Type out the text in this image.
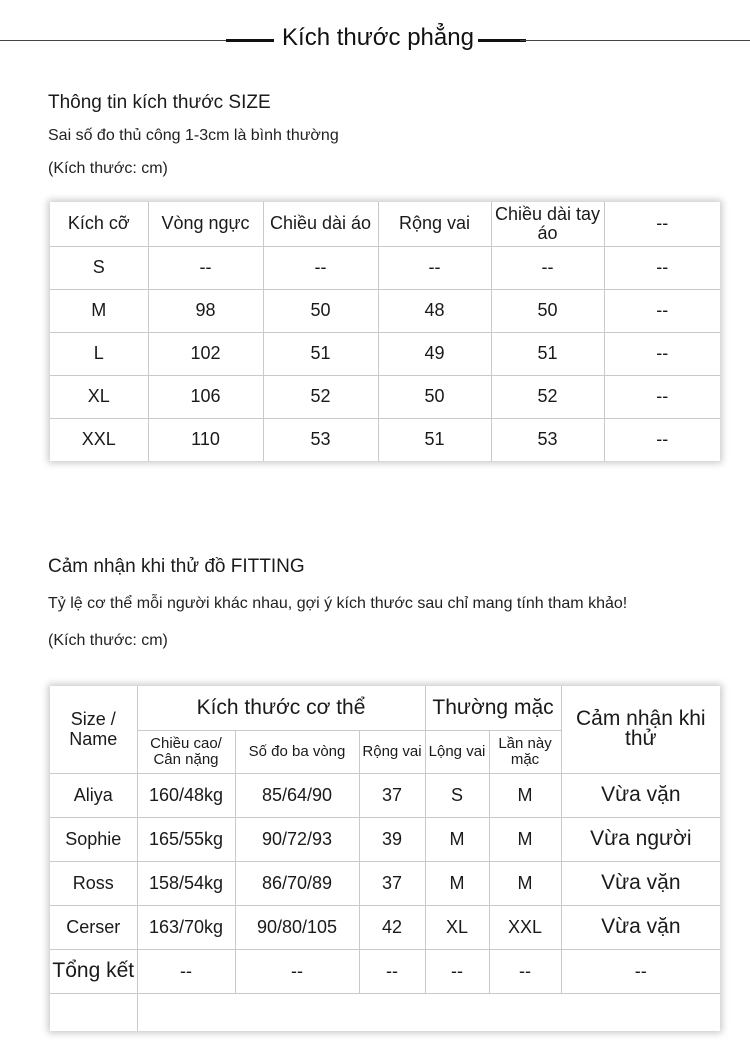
Kích thước phẳng
Thông tin kích thước SIZE
Sai số đo thủ công 1-3cm là bình thường
(Kích thước: cm)
Kích cỡ	Vòng ngực	Chiều dài áo	Rộng vai	Chiều dài tay áo	--
S	--	--	--	--	--
M	98	50	48	50	--
L	102	51	49	51	--
XL	106	52	50	52	--
XXL	110	53	51	53	--
Cảm nhận khi thử đồ FITTING
Tỷ lệ cơ thể mỗi người khác nhau, gợi ý kích thước sau chỉ mang tính tham khảo!
(Kích thước: cm)
Size / Name	Kích thước cơ thể			Thường mặc		Cảm nhận khi thử
	Chiều cao/ Cân nặng	Số đo ba vòng	Rộng vai	Lộng vai	Lần này mặc	
Aliya	160/48kg	85/64/90	37	S	M	Vừa vặn
Sophie	165/55kg	90/72/93	39	M	M	Vừa người
Ross	158/54kg	86/70/89	37	M	M	Vừa vặn
Cerser	163/70kg	90/80/105	42	XL	XXL	Vừa vặn
Tổng kết	--	--	--	--	--	--
